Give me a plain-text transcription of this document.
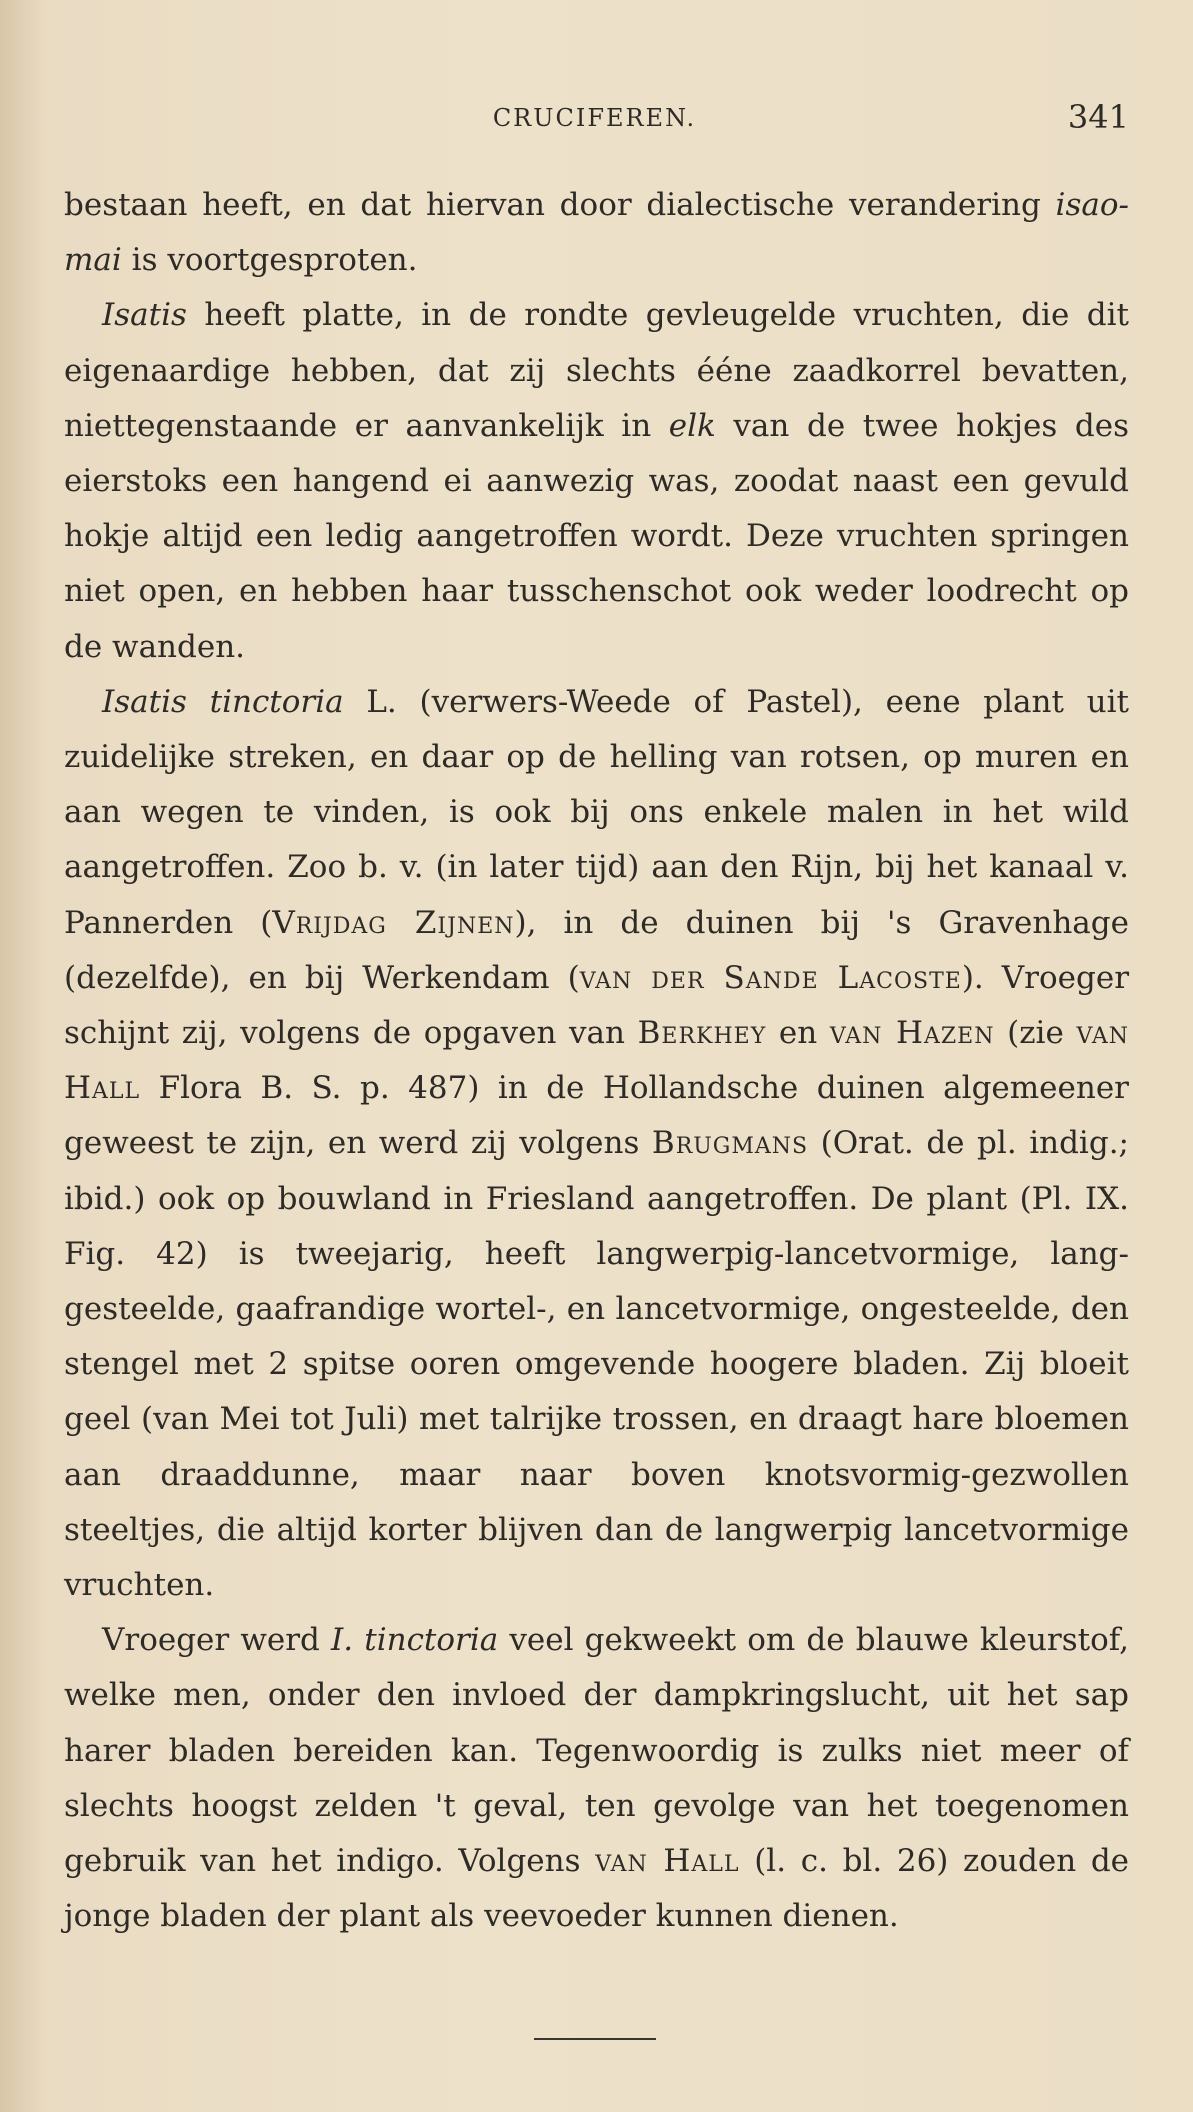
CRUCIFEREN.	341

bestaan heeft, en dat hiervan door dialectische verandering isao-mai is voortgesproten.

Isatis heeft platte, in de rondte gevleugelde vruchten, die dit eigenaardige hebben, dat zij slechts ééne zaadkorrel bevatten, niettegenstaande er aanvankelijk in elk van de twee hokjes des eierstoks een hangend ei aanwezig was, zoodat naast een gevuld hokje altijd een ledig aangetroffen wordt. Deze vruchten springen niet open, en hebben haar tusschenschot ook weder loodrecht op de wanden.

Isatis tinctoria L. (verwers-Weede of Pastel), eene plant uit zuidelijke streken, en daar op de helling van rotsen, op muren en aan wegen te vinden, is ook bij ons enkele malen in het wild aangetroffen. Zoo b. v. (in later tijd) aan den Rijn, bij het kanaal v. Pannerden (Vrijdag Zijnen), in de duinen bij 's Gravenhage (dezelfde), en bij Werkendam (van der Sande Lacoste). Vroeger schijnt zij, volgens de opgaven van Berkhey en van Hazen (zie van Hall Flora B. S. p. 487) in de Hollandsche duinen algemeener geweest te zijn, en werd zij volgens Brugmans (Orat. de pl. indig.; ibid.) ook op bouwland in Friesland aangetroffen. De plant (Pl. IX. Fig. 42) is tweejarig, heeft langwerpig-lancetvormige, lang-gesteelde, gaafrandige wortel-, en lancetvormige, ongesteelde, den stengel met 2 spitse ooren omgevende hoogere bladen. Zij bloeit geel (van Mei tot Juli) met talrijke trossen, en draagt hare bloemen aan draaddunne, maar naar boven knotsvormig-gezwollen steeltjes, die altijd korter blijven dan de langwerpig lancetvormige vruchten.

Vroeger werd I. tinctoria veel gekweekt om de blauwe kleurstof, welke men, onder den invloed der dampkringslucht, uit het sap harer bladen bereiden kan. Tegenwoordig is zulks niet meer of slechts hoogst zelden 't geval, ten gevolge van het toegenomen gebruik van het indigo. Volgens van Hall (l. c. bl. 26) zouden de jonge bladen der plant als veevoeder kunnen dienen.
